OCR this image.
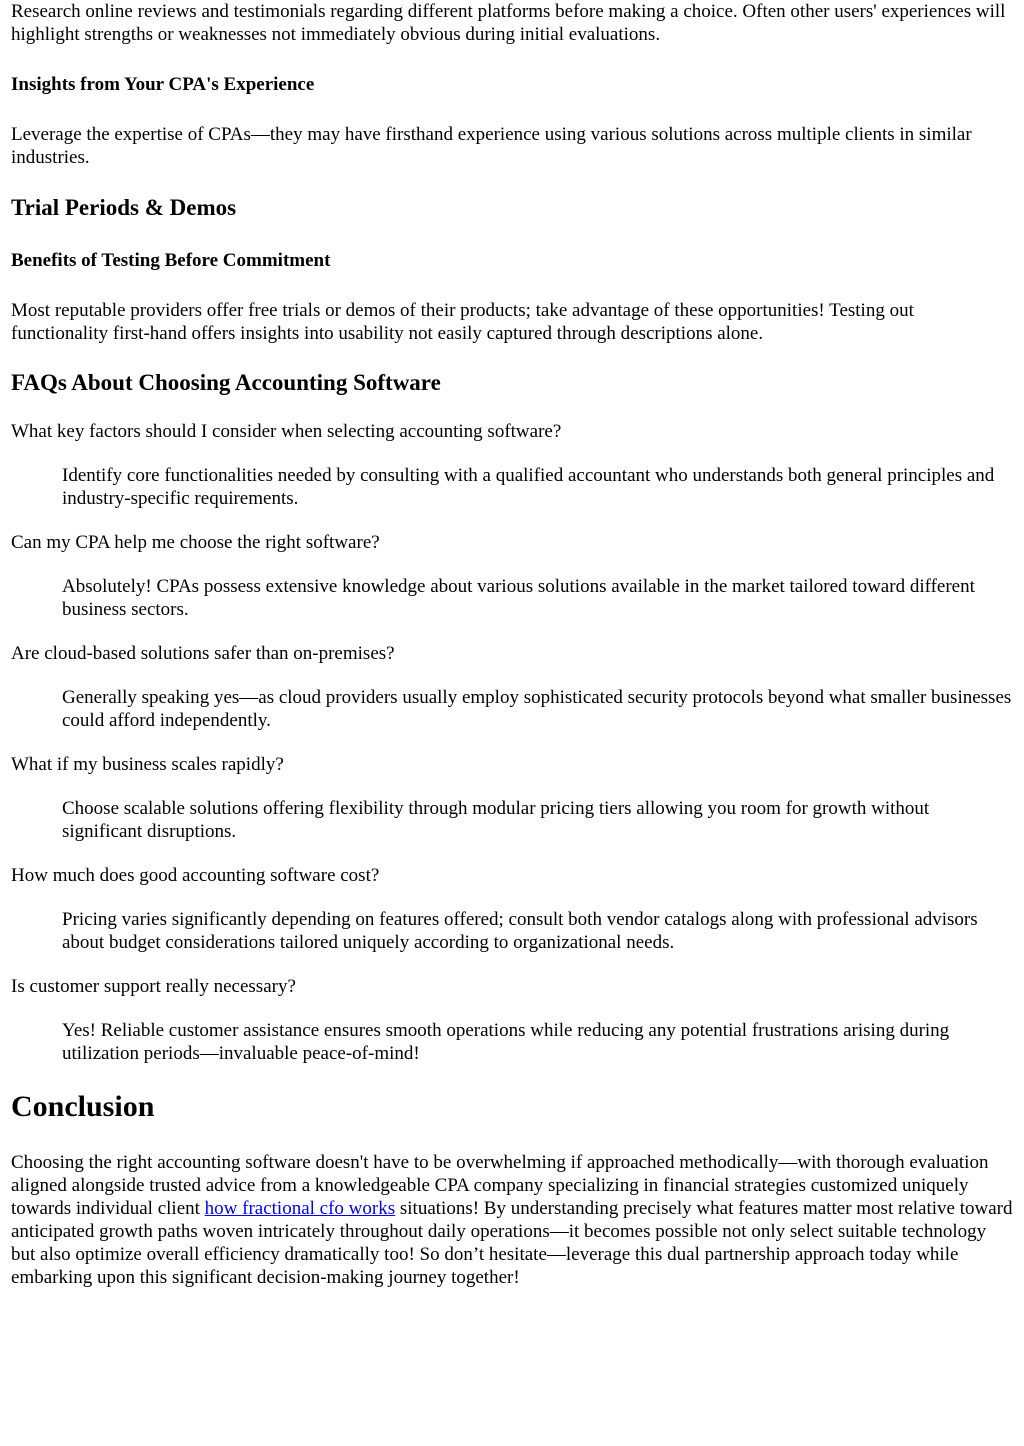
Research online reviews and testimonials regarding different platforms before making a choice. Often other users' experiences will highlight strengths or weaknesses not immediately obvious during initial evaluations.

Insights from Your CPA's Experience

Leverage the expertise of CPAs—they may have firsthand experience using various solutions across multiple clients in similar industries.

Trial Periods & Demos
Benefits of Testing Before Commitment

Most reputable providers offer free trials or demos of their products; take advantage of these opportunities! Testing out functionality first-hand offers insights into usability not easily captured through descriptions alone.

FAQs About Choosing Accounting Software
What key factors should I consider when selecting accounting software?
Identify core functionalities needed by consulting with a qualified accountant who understands both general principles and industry-specific requirements.
Can my CPA help me choose the right software?
Absolutely! CPAs possess extensive knowledge about various solutions available in the market tailored toward different business sectors.
Are cloud-based solutions safer than on-premises?
Generally speaking yes—as cloud providers usually employ sophisticated security protocols beyond what smaller businesses could afford independently.
What if my business scales rapidly?
Choose scalable solutions offering flexibility through modular pricing tiers allowing you room for growth without significant disruptions.
How much does good accounting software cost?
Pricing varies significantly depending on features offered; consult both vendor catalogs along with professional advisors about budget considerations tailored uniquely according to organizational needs.
Is customer support really necessary?
Yes! Reliable customer assistance ensures smooth operations while reducing any potential frustrations arising during utilization periods—invaluable peace-of-mind!
Conclusion

Choosing the right accounting software doesn't have to be overwhelming if approached methodically—with thorough evaluation aligned alongside trusted advice from a knowledgeable CPA company specializing in financial strategies customized uniquely towards individual client how fractional cfo works situations! By understanding precisely what features matter most relative toward anticipated growth paths woven intricately throughout daily operations—it becomes possible not only select suitable technology but also optimize overall efficiency dramatically too! So don’t hesitate—leverage this dual partnership approach today while embarking upon this significant decision-making journey together!
